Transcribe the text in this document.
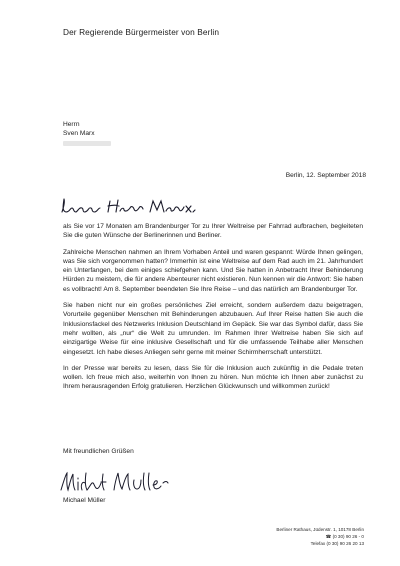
Der Regierende Bürgermeister von Berlin
Herrn
Sven Marx
Berlin, 12. September 2018

als Sie vor 17 Monaten am Brandenburger Tor zu Ihrer Weltreise per Fahrrad aufbrachen, begleiteten Sie die guten Wünsche der Berlinerinnen und Berliner.

Zahlreiche Menschen nahmen an Ihrem Vorhaben Anteil und waren gespannt: Würde Ihnen gelingen, was Sie sich vorgenommen hatten? Immerhin ist eine Weltreise auf dem Rad auch im 21. Jahrhundert ein Unterfangen, bei dem einiges schiefgehen kann. Und Sie hatten in Anbetracht Ihrer Behinderung Hürden zu meistern, die für andere Abenteurer nicht existieren. Nun kennen wir die Antwort: Sie haben es vollbracht! Am 8. September beendeten Sie Ihre Reise – und das natürlich am Brandenburger Tor.

Sie haben nicht nur ein großes persönliches Ziel erreicht, sondern außerdem dazu beigetragen, Vorurteile gegenüber Menschen mit Behinderungen abzubauen. Auf Ihrer Reise hatten Sie auch die Inklusionsfackel des Netzwerks Inklusion Deutschland im Gepäck. Sie war das Symbol dafür, dass Sie mehr wollten, als „nur“ die Welt zu umrunden. Im Rahmen Ihrer Weltreise haben Sie sich auf einzigartige Weise für eine inklusive Gesellschaft und für die umfassende Teilhabe aller Menschen eingesetzt. Ich habe dieses Anliegen sehr gerne mit meiner Schirmherrschaft unterstützt.

In der Presse war bereits zu lesen, dass Sie für die Inklusion auch zukünftig in die Pedale treten wollen. Ich freue mich also, weiterhin von Ihnen zu hören. Nun möchte ich Ihnen aber zunächst zu Ihrem herausragenden Erfolg gratulieren. Herzlichen Glückwunsch und willkommen zurück!

Mit freundlichen Grüßen
Michael Müller
Berliner Rathaus, Jüdenstr. 1, 10178 Berlin
☎ (0 30) 90 26 - 0
Telefax (0 30) 90 26 20 13
